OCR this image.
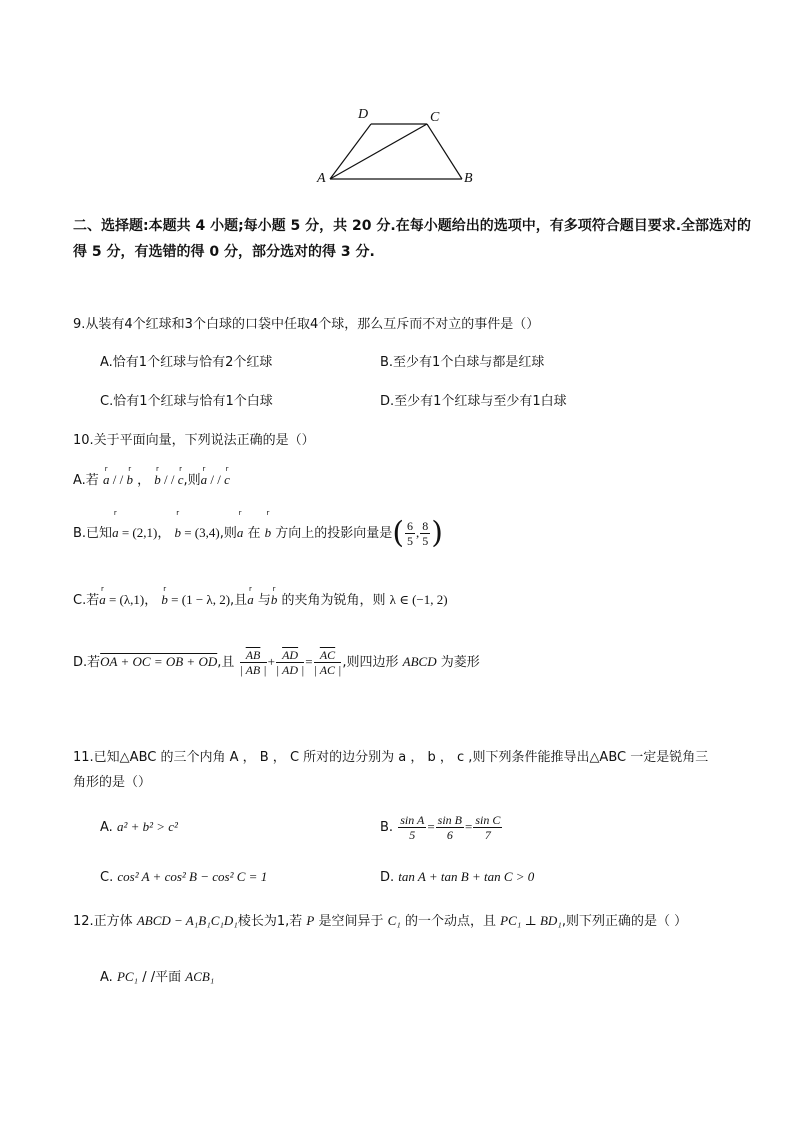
D	C
A	B
二、选择题:本题共 4 小题;每小题 5 分，共 20 分.在每小题给出的选项中，有多项符合题目要求.全部选对的
得 5 分，有选错的得 0 分，部分选对的得 3 分.
9.从装有4个红球和3个白球的口袋中任取4个球，那么互斥而不对立的事件是（）
A.恰有1个红球与恰有2个红球	B.至少有1个白球与都是红球
C.恰有1个红球与恰有1个白球	D.至少有1个红球与至少有1白球
10.关于平面向量，下列说法正确的是（）
A.若
r
a / /
r
b ，
r
b / /
r
c,则
r
a / /
r
c
B.已知
r
a = (2,1)，
r
b = (3,4),则
r
a 在
r
b 方向上的投影向量是( $\frac{6}{5}$ , $\frac{8}{5}$ )
C.若
r
a = (λ,1)，
r
b = (1 − λ, 2),且
r
a 与
r
b 的夹角为锐角，则 λ ∈ (−1, 2)
D.若OA + OC = OB + OD,且 $\frac{\overline{AB}}{| AB |} + \frac{\overline{AD}}{| AD |} = \frac{\overline{AC}}{| AC |}$ ,则四边形 ABCD 为菱形
11.已知△ABC 的三个内角 A ， B ， C 所对的边分别为 a ， b ， c ,则下列条件能推导出△ABC 一定是锐角三
角形的是（）
A. a² + b² > c²	B. $\frac{\text{sin A}}{5} = \frac{\text{sin B}}{6} = \frac{\text{sin C}}{7}$
C. cos² A + cos² B − cos² C = 1	D. tan A + tan B + tan C > 0
12.正方体 ABCD − A₁B₁C₁D₁棱长为1,若 P 是空间异于 C₁ 的一个动点，且 PC₁ ⊥ BD₁,则下列正确的是（ ）
A. PC₁ / /平面 ACB₁
